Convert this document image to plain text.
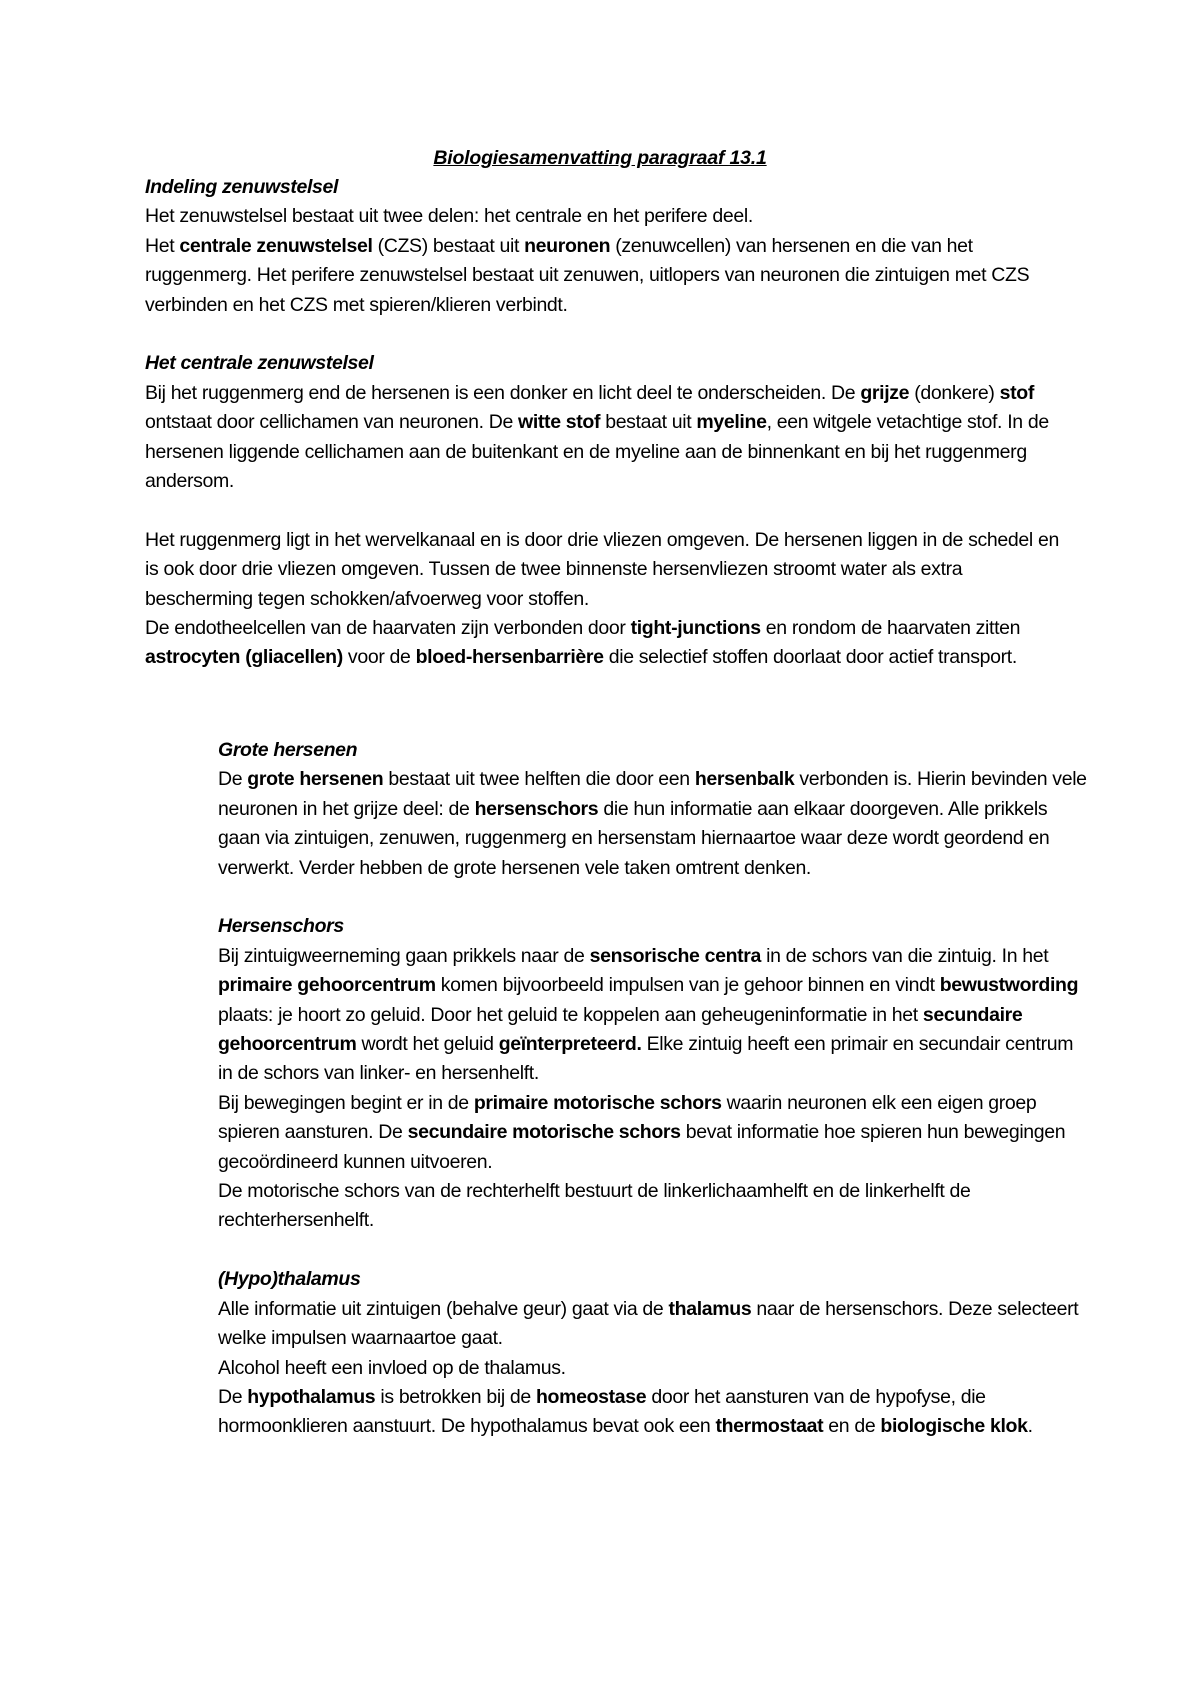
Biologiesamenvatting paragraaf 13.1

Indeling zenuwstelsel

Het zenuwstelsel bestaat uit twee delen: het centrale en het perifere deel.

Het centrale zenuwstelsel (CZS) bestaat uit neuronen (zenuwcellen) van hersenen en die van het ruggenmerg. Het perifere zenuwstelsel bestaat uit zenuwen, uitlopers van neuronen die zintuigen met CZS verbinden en het CZS met spieren/klieren verbindt.

Het centrale zenuwstelsel

Bij het ruggenmerg end de hersenen is een donker en licht deel te onderscheiden. De grijze (donkere) stof ontstaat door cellichamen van neuronen. De witte stof bestaat uit myeline, een witgele vetachtige stof. In de hersenen liggende cellichamen aan de buitenkant en de myeline aan de binnenkant en bij het ruggenmerg andersom.

Het ruggenmerg ligt in het wervelkanaal en is door drie vliezen omgeven. De hersenen liggen in de schedel en is ook door drie vliezen omgeven. Tussen de twee binnenste hersenvliezen stroomt water als extra bescherming tegen schokken/afvoerweg voor stoffen.

De endotheelcellen van de haarvaten zijn verbonden door tight-junctions en rondom de haarvaten zitten astrocyten (gliacellen) voor de bloed-hersenbarrière die selectief stoffen doorlaat door actief transport.

Grote hersenen

De grote hersenen bestaat uit twee helften die door een hersenbalk verbonden is. Hierin bevinden vele neuronen in het grijze deel: de hersenschors die hun informatie aan elkaar doorgeven. Alle prikkels gaan via zintuigen, zenuwen, ruggenmerg en hersenstam hiernaartoe waar deze wordt geordend en verwerkt. Verder hebben de grote hersenen vele taken omtrent denken.

Hersenschors

Bij zintuigweerneming gaan prikkels naar de sensorische centra in de schors van die zintuig. In het primaire gehoorcentrum komen bijvoorbeeld impulsen van je gehoor binnen en vindt bewustwording plaats: je hoort zo geluid. Door het geluid te koppelen aan geheugeninformatie in het secundaire gehoorcentrum wordt het geluid geïnterpreteerd. Elke zintuig heeft een primair en secundair centrum in de schors van linker- en hersenhelft.

Bij bewegingen begint er in de primaire motorische schors waarin neuronen elk een eigen groep spieren aansturen. De secundaire motorische schors bevat informatie hoe spieren hun bewegingen gecoördineerd kunnen uitvoeren.

De motorische schors van de rechterhelft bestuurt de linkerlichaamhelft en de linkerhelft de rechterhersenhelft.

(Hypo)thalamus

Alle informatie uit zintuigen (behalve geur) gaat via de thalamus naar de hersenschors. Deze selecteert welke impulsen waarnaartoe gaat.

Alcohol heeft een invloed op de thalamus.

De hypothalamus is betrokken bij de homeostase door het aansturen van de hypofyse, die hormoonklieren aanstuurt. De hypothalamus bevat ook een thermostaat en de biologische klok.
